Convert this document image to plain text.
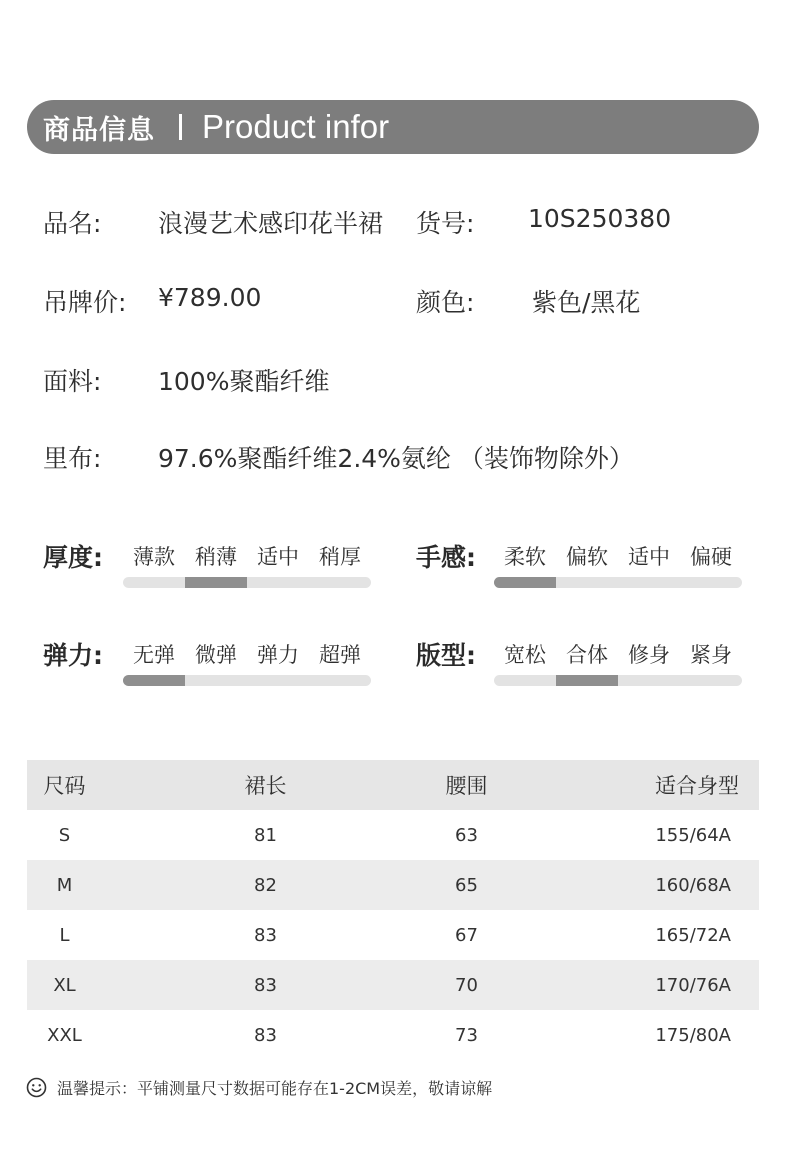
商品信息 Product infor
品名: 浪漫艺术感印花半裙 货号: 10S250380
吊牌价: ¥789.00	颜色: 紫色/黑花
面料: 100%聚酯纤维
里布: 97.6%聚酯纤维2.4%氨纶 （装饰物除外）
厚度:	薄款 稍薄 适中 稍厚	手感:	柔软 偏软 适中 偏硬
弹力:	无弹 微弹 弹力 超弹	版型:	宽松 合体 修身 紧身
尺码	裙长	腰围	适合身型
S	81	63	155/64A
M	82	65	160/68A
L	83	67	165/72A
XL	83	70	170/76A
XXL	83	73	175/80A
温馨提示：平铺测量尺寸数据可能存在1-2CM误差，敬请谅解
